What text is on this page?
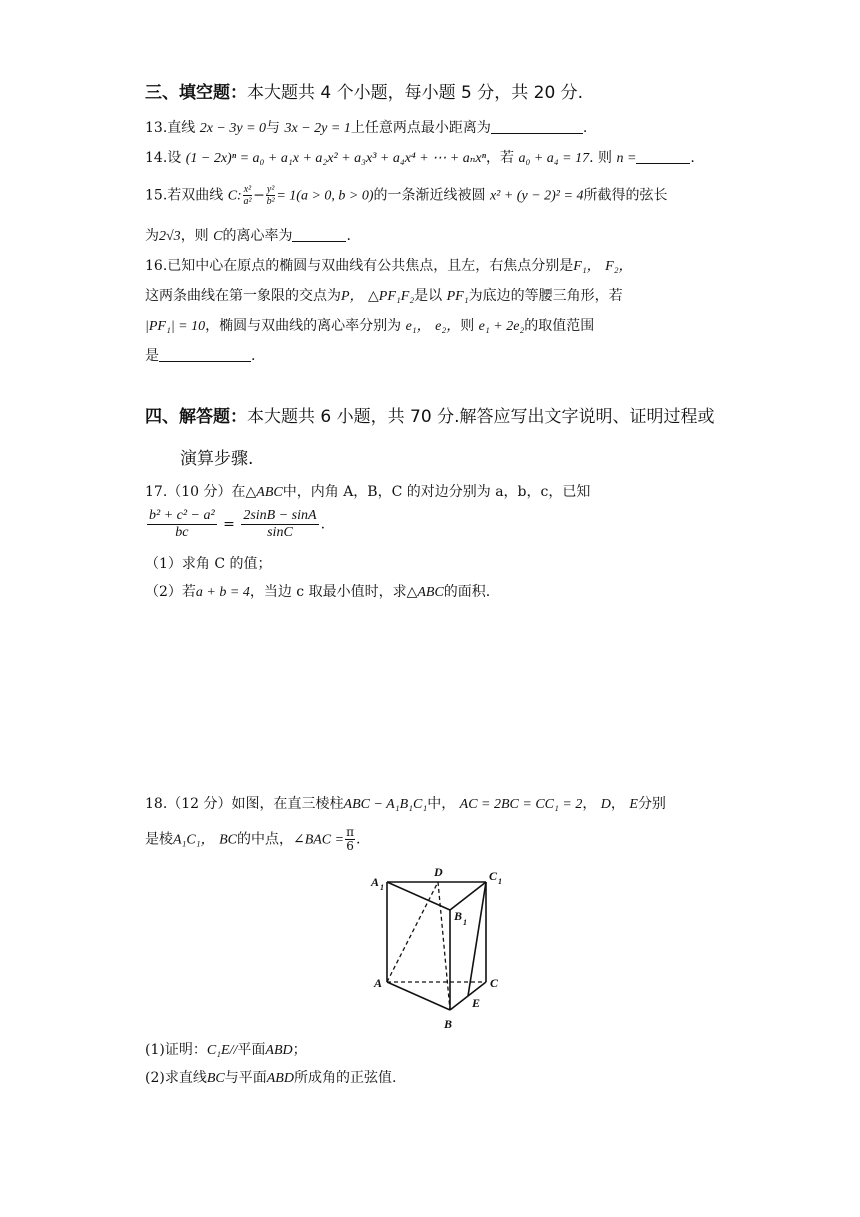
三、填空题：本大题共 4 个小题，每小题 5 分，共 20 分.
13.直线 2x − 3y = 0与 3x − 2y = 1上任意两点最小距离为	.
14.设 (1 − 2x)ⁿ = a₀ + a₁x + a₂x² + a₃x³ + a₄x⁴ + ⋯ + aₙxⁿ，若 a₀ + a₄ = 17. 则 n =	.
15.若双曲线 C: $\frac{\text{x²}}{\text{a²}} - \frac{\text{y²}}{\text{b²}} = 1(a > 0$, b > 0)的一条渐近线被圆 x² + (y − 2)² = 4所截得的弦长
为2√3，则 C的离心率为	.
16.已知中心在原点的椭圆与双曲线有公共焦点，且左，右焦点分别是F₁， F₂，
这两条曲线在第一象限的交点为P， △PF₁F₂是以 PF₁为底边的等腰三角形，若
|PF₁| = 10，椭圆与双曲线的离心率分别为 e₁， e₂，则 e₁ + 2e₂的取值范围
是	.
四、解答题：本大题共 6 小题，共 70 分.解答应写出文字说明、证明过程或
演算步骤.
17.（10 分）在△ABC中，内角 A，B，C 的对边分别为 a，b，c，已知
$\frac{\text{b² + c² − a²}}{bc} = \frac{2\sin B - \sin A}{\sin C}$ .
（1）求角 C 的值；
（2）若a + b = 4，当边 c 取最小值时，求△ABC的面积.
18.（12 分）如图，在直三棱柱ABC − A₁B₁C₁中， AC = 2BC = CC₁ = 2， D， E分别
是棱A₁C₁， BC的中点，∠BAC = $\frac{\pi}{6}$ .
A 1
D	C 1
B 1
A	C
E
B
(1)证明：C₁E//平面ABD；
(2)求直线BC与平面ABD所成角的正弦值.
